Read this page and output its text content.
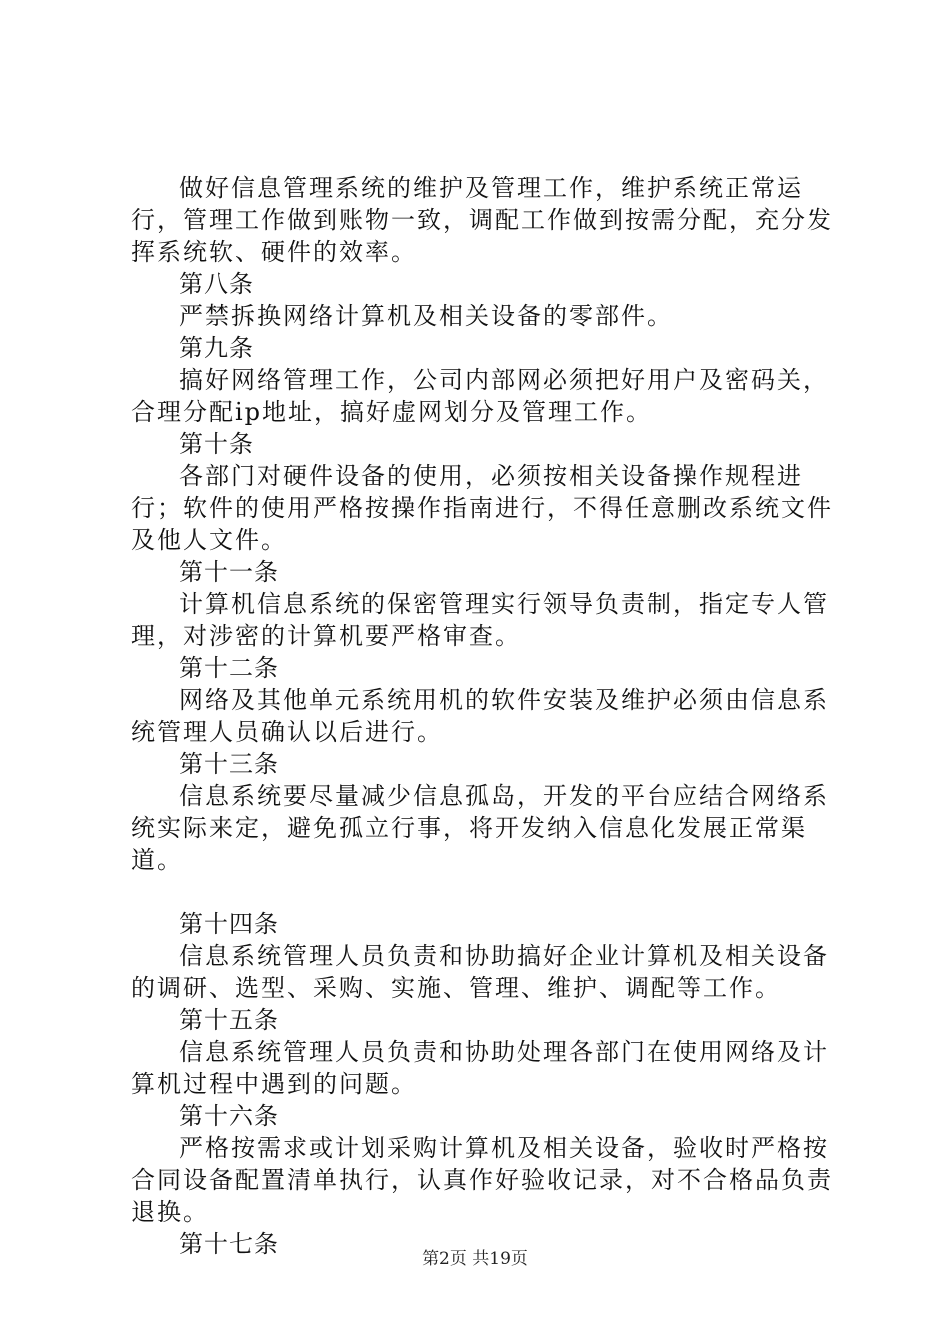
做好信息管理系统的维护及管理工作，维护系统正常运行，管理工作做到账物一致，调配工作做到按需分配，充分发挥系统软、硬件的效率。

第八条

严禁拆换网络计算机及相关设备的零部件。

第九条

搞好网络管理工作，公司内部网必须把好用户及密码关，合理分配ip地址，搞好虚网划分及管理工作。

第十条

各部门对硬件设备的使用，必须按相关设备操作规程进行；软件的使用严格按操作指南进行，不得任意删改系统文件及他人文件。

第十一条

计算机信息系统的保密管理实行领导负责制，指定专人管理，对涉密的计算机要严格审查。

第十二条

网络及其他单元系统用机的软件安装及维护必须由信息系统管理人员确认以后进行。

第十三条

信息系统要尽量减少信息孤岛，开发的平台应结合网络系统实际来定，避免孤立行事，将开发纳入信息化发展正常渠道。

第十四条

信息系统管理人员负责和协助搞好企业计算机及相关设备的调研、选型、采购、实施、管理、维护、调配等工作。

第十五条

信息系统管理人员负责和协助处理各部门在使用网络及计算机过程中遇到的问题。

第十六条

严格按需求或计划采购计算机及相关设备，验收时严格按合同设备配置清单执行，认真作好验收记录，对不合格品负责退换。

第十七条

第2页 共19页
